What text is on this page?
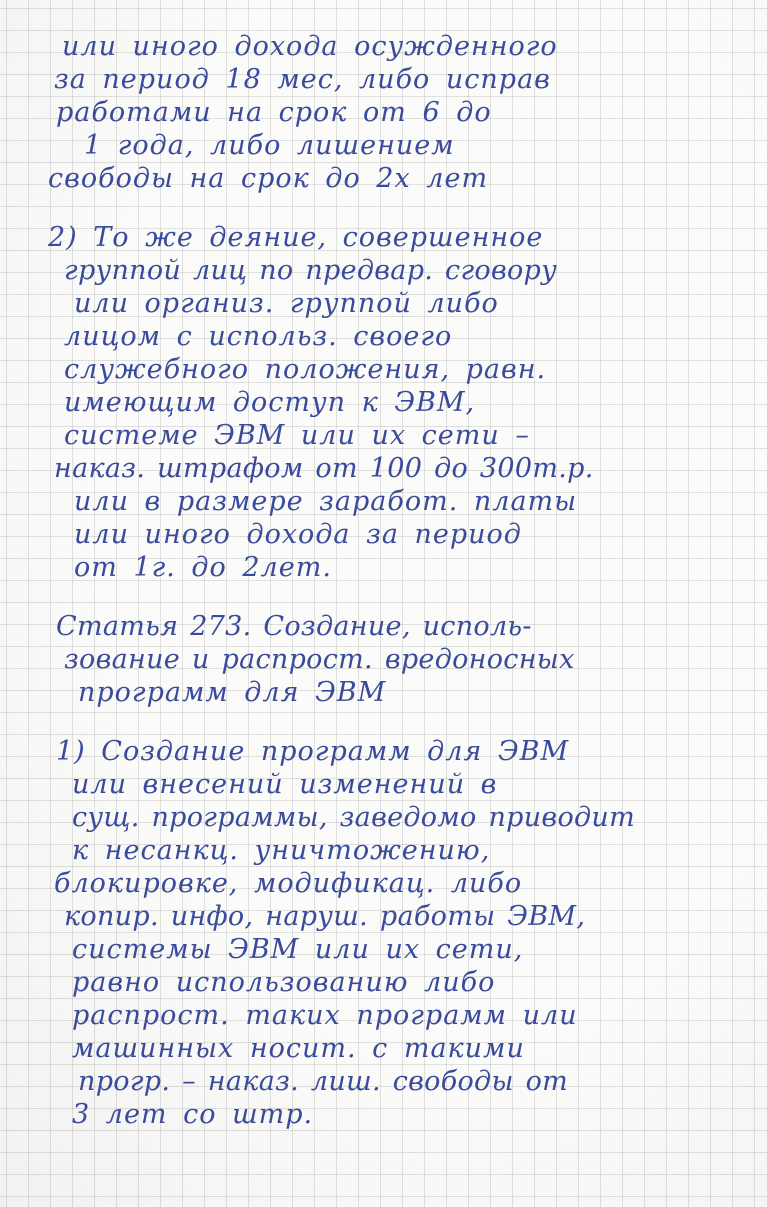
или иного дохода осужденного
за период 18 мес, либо исправ
работами на срок от 6 до
1 года, либо лишением
свободы на срок до 2х лет
2) То же деяние, совершенное
группой лиц по предвар. сговору
или организ. группой либо
лицом с использ. своего
служебного положения, равн.
имеющим доступ к ЭВМ,
системе ЭВМ или их сети –
наказ. штрафом от 100 до 300т.р.
или в размере заработ. платы
или иного дохода за период
от 1г. до 2лет.
Статья 273. Создание, исполь-
зование и распрост. вредоносных
программ для ЭВМ
1) Создание программ для ЭВМ
или внесений изменений в
сущ. программы, заведомо приводит
к несанкц. уничтожению,
блокировке, модификац. либо
копир. инфо, наруш. работы ЭВМ,
системы ЭВМ или их сети,
равно использованию либо
распрост. таких программ или
машинных носит. с такими
прогр. – наказ. лиш. свободы от
3 лет со штр.
